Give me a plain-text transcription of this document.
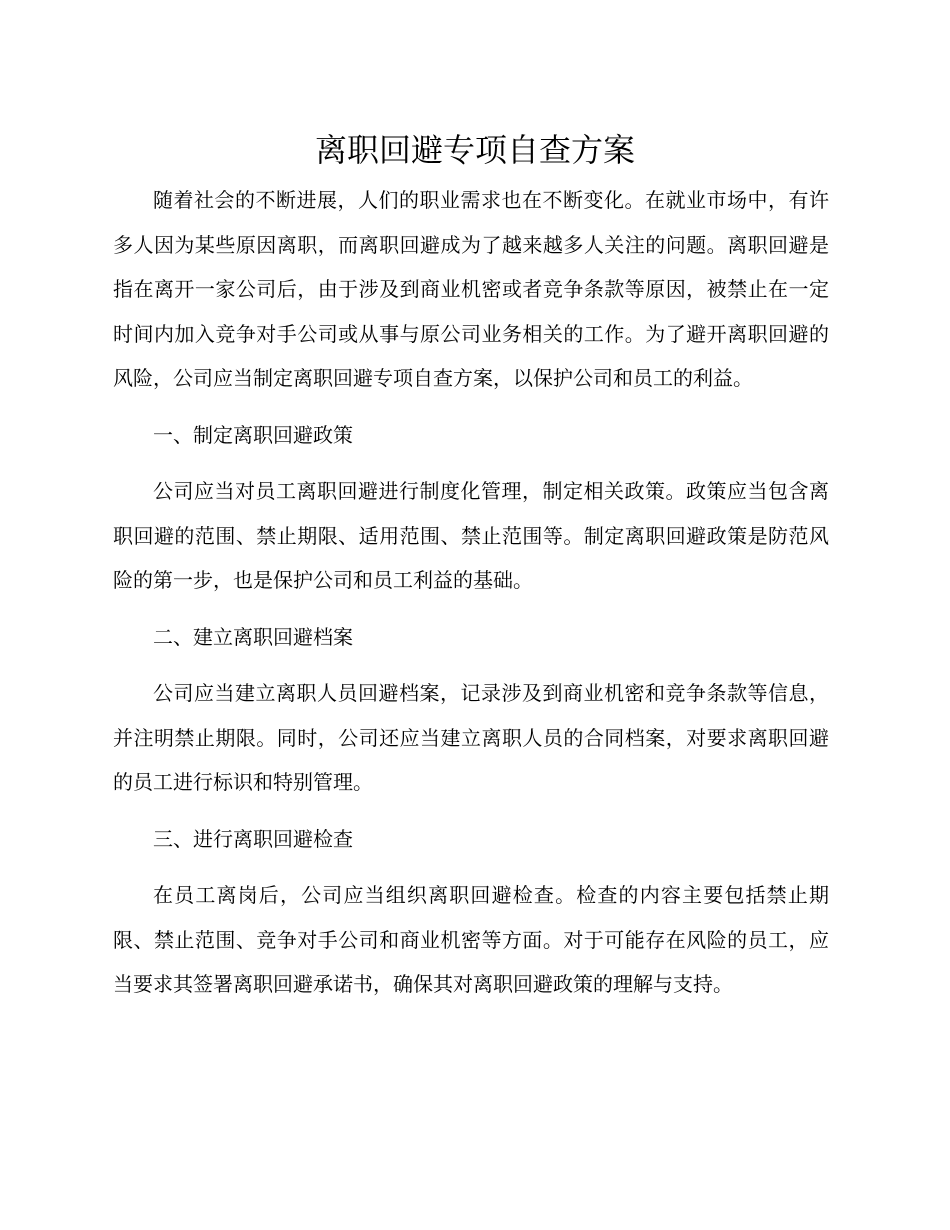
离职回避专项自查方案

随着社会的不断进展，人们的职业需求也在不断变化。在就业市场中，有许多人因为某些原因离职，而离职回避成为了越来越多人关注的问题。离职回避是指在离开一家公司后，由于涉及到商业机密或者竞争条款等原因，被禁止在一定时间内加入竞争对手公司或从事与原公司业务相关的工作。为了避开离职回避的风险，公司应当制定离职回避专项自查方案，以保护公司和员工的利益。

一、制定离职回避政策

公司应当对员工离职回避进行制度化管理，制定相关政策。政策应当包含离职回避的范围、禁止期限、适用范围、禁止范围等。制定离职回避政策是防范风险的第一步，也是保护公司和员工利益的基础。

二、建立离职回避档案

公司应当建立离职人员回避档案，记录涉及到商业机密和竞争条款等信息，并注明禁止期限。同时，公司还应当建立离职人员的合同档案，对要求离职回避的员工进行标识和特别管理。

三、进行离职回避检查

在员工离岗后，公司应当组织离职回避检查。检查的内容主要包括禁止期限、禁止范围、竞争对手公司和商业机密等方面。对于可能存在风险的员工，应当要求其签署离职回避承诺书，确保其对离职回避政策的理解与支持。
